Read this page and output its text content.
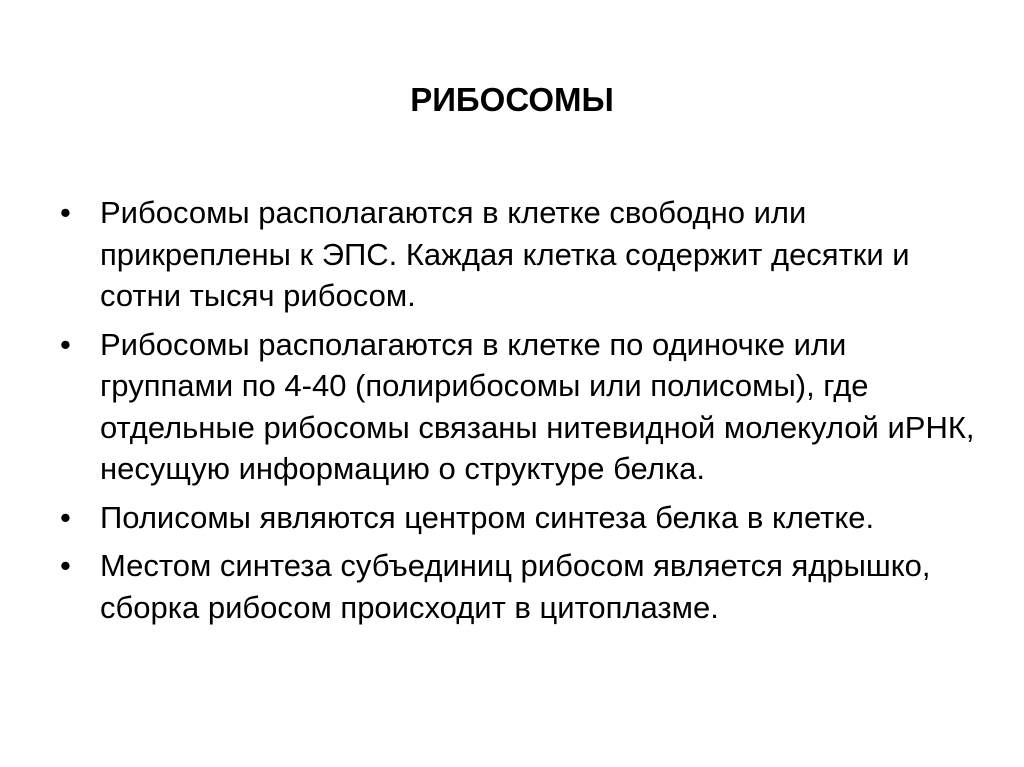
РИБОСОМЫ
• Рибосомы располагаются в клетке свободно или прикреплены к ЭПС. Каждая клетка содержит десятки и сотни тысяч рибосом.
• Рибосомы располагаются в клетке по одиночке или группами по 4-40 (полирибосомы или полисомы), где отдельные рибосомы связаны нитевидной молекулой иРНК, несущую информацию о структуре белка.
• Полисомы являются центром синтеза белка в клетке.
• Местом синтеза субъединиц рибосом является ядрышко, сборка рибосом происходит в цитоплазме.
